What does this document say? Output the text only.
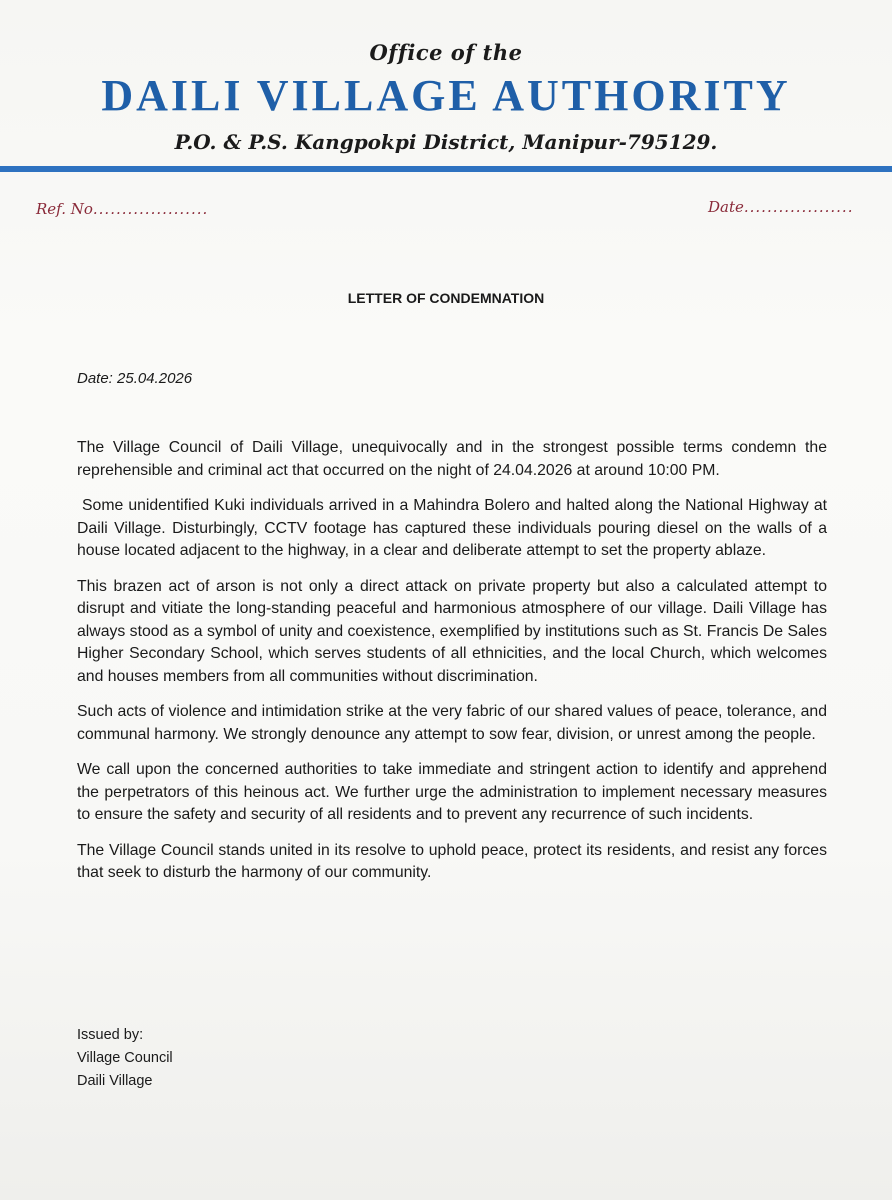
Office of the
DAILI VILLAGE AUTHORITY
P.O. & P.S. Kangpokpi District, Manipur-795129.
Ref. No....................	Date...................
LETTER OF CONDEMNATION
Date: 25.04.2026

The Village Council of Daili Village, unequivocally and in the strongest possible terms condemn the reprehensible and criminal act that occurred on the night of 24.04.2026 at around 10:00 PM.

Some unidentified Kuki individuals arrived in a Mahindra Bolero and halted along the National Highway at Daili Village. Disturbingly, CCTV footage has captured these individuals pouring diesel on the walls of a house located adjacent to the highway, in a clear and deliberate attempt to set the property ablaze.

This brazen act of arson is not only a direct attack on private property but also a calculated attempt to disrupt and vitiate the long-standing peaceful and harmonious atmosphere of our village. Daili Village has always stood as a symbol of unity and coexistence, exemplified by institutions such as St. Francis De Sales Higher Secondary School, which serves students of all ethnicities, and the local Church, which welcomes and houses members from all communities without discrimination.

Such acts of violence and intimidation strike at the very fabric of our shared values of peace, tolerance, and communal harmony. We strongly denounce any attempt to sow fear, division, or unrest among the people.

We call upon the concerned authorities to take immediate and stringent action to identify and apprehend the perpetrators of this heinous act. We further urge the administration to implement necessary measures to ensure the safety and security of all residents and to prevent any recurrence of such incidents.

The Village Council stands united in its resolve to uphold peace, protect its residents, and resist any forces that seek to disturb the harmony of our community.

Issued by:
Village Council
Daili Village
